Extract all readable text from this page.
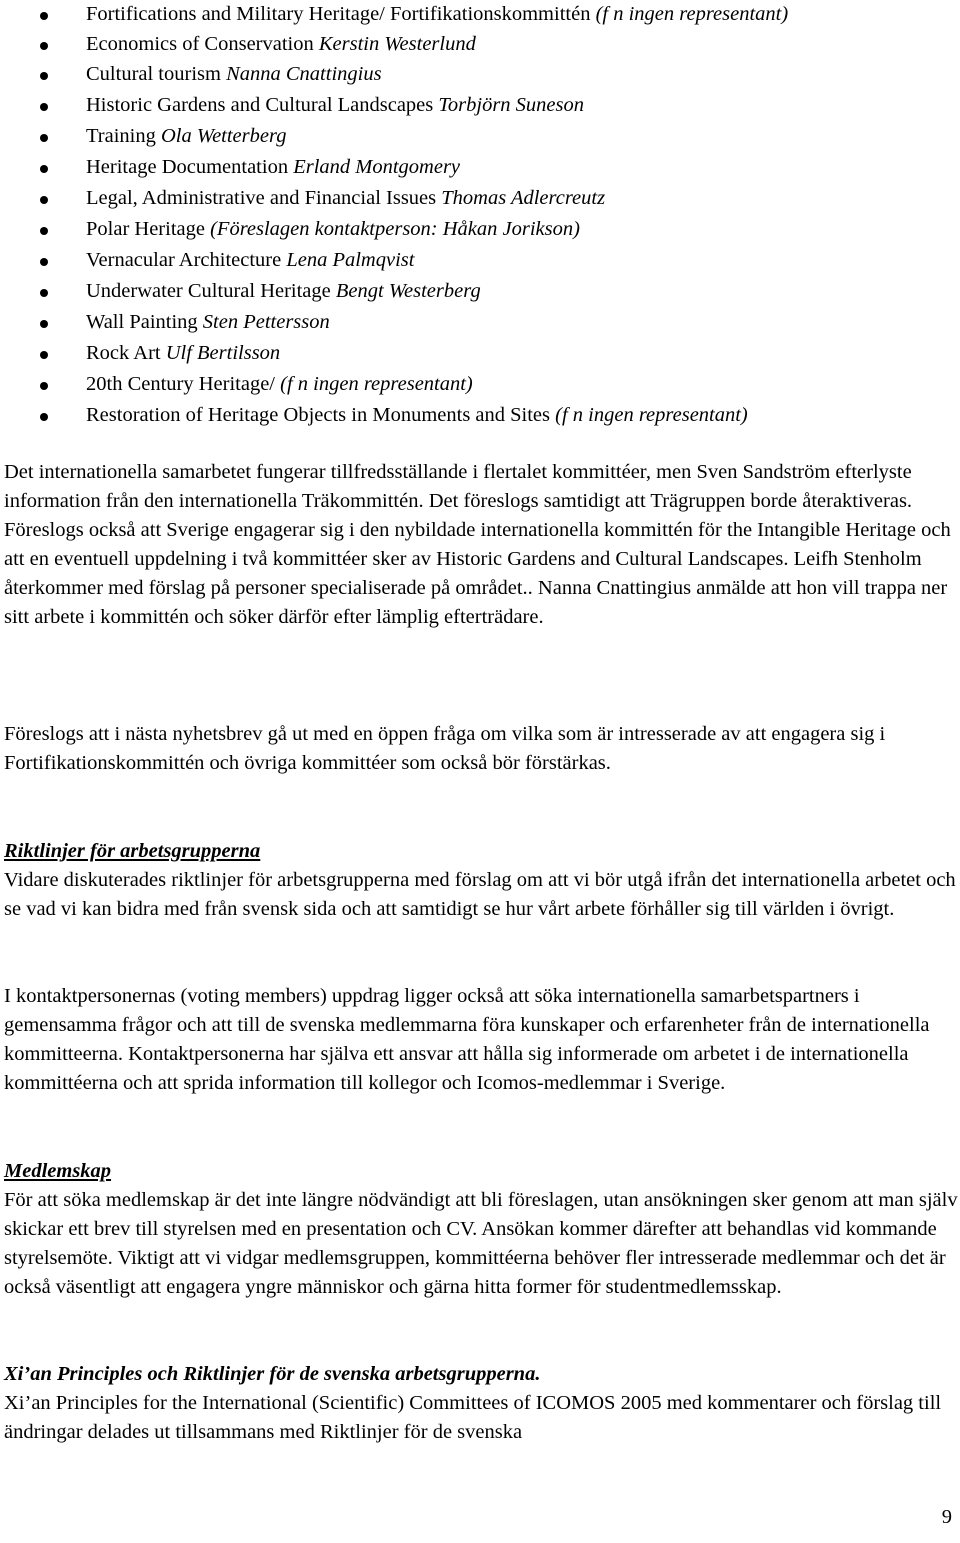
Fortifications and Military Heritage/ Fortifikationskommittén (f n ingen representant)
Economics of Conservation Kerstin Westerlund
Cultural tourism Nanna Cnattingius
Historic Gardens and Cultural Landscapes Torbjörn Suneson
Training Ola Wetterberg
Heritage Documentation Erland Montgomery
Legal, Administrative and Financial Issues Thomas Adlercreutz
Polar Heritage (Föreslagen kontaktperson: Håkan Jorikson)
Vernacular Architecture Lena Palmqvist
Underwater Cultural Heritage Bengt Westerberg
Wall Painting Sten Pettersson
Rock Art Ulf Bertilsson
20th Century Heritage/ (f n ingen representant)
Restoration of Heritage Objects in Monuments and Sites (f n ingen representant)

Det internationella samarbetet fungerar tillfredsställande i flertalet kommittéer, men Sven Sandström efterlyste information från den internationella Träkommittén. Det föreslogs samtidigt att Trägruppen borde återaktiveras. Föreslogs också att Sverige engagerar sig i den nybildade internationella kommittén för the Intangible Heritage och att en eventuell uppdelning i två kommittéer sker av Historic Gardens and Cultural Landscapes. Leifh Stenholm återkommer med förslag på personer specialiserade på området.. Nanna Cnattingius anmälde att hon vill trappa ner sitt arbete i kommittén och söker därför efter lämplig efterträdare.

Föreslogs att i nästa nyhetsbrev gå ut med en öppen fråga om vilka som är intresserade av att engagera sig i Fortifikationskommittén och övriga kommittéer som också bör förstärkas.

Riktlinjer för arbetsgrupperna
Vidare diskuterades riktlinjer för arbetsgrupperna med förslag om att vi bör utgå ifrån det internationella arbetet och se vad vi kan bidra med från svensk sida och att samtidigt se hur vårt arbete förhåller sig till världen i övrigt.

I kontaktpersonernas (voting members) uppdrag ligger också att söka internationella samarbetspartners i gemensamma frågor och att till de svenska medlemmarna föra kunskaper och erfarenheter från de internationella kommitteerna. Kontaktpersonerna har själva ett ansvar att hålla sig informerade om arbetet i de internationella kommittéerna och att sprida information till kollegor och Icomos-medlemmar i Sverige.

Medlemskap
För att söka medlemskap är det inte längre nödvändigt att bli föreslagen, utan ansökningen sker genom att man själv skickar ett brev till styrelsen med en presentation och CV. Ansökan kommer därefter att behandlas vid kommande styrelsemöte. Viktigt att vi vidgar medlemsgruppen, kommittéerna behöver fler intresserade medlemmar och det är också väsentligt att engagera yngre människor och gärna hitta former för studentmedlemsskap.
Xi’an Principles och Riktlinjer för de svenska arbetsgrupperna.
Xi’an Principles for the International (Scientific) Committees of ICOMOS 2005 med kommentarer och förslag till ändringar delades ut tillsammans med Riktlinjer för de svenska
9
